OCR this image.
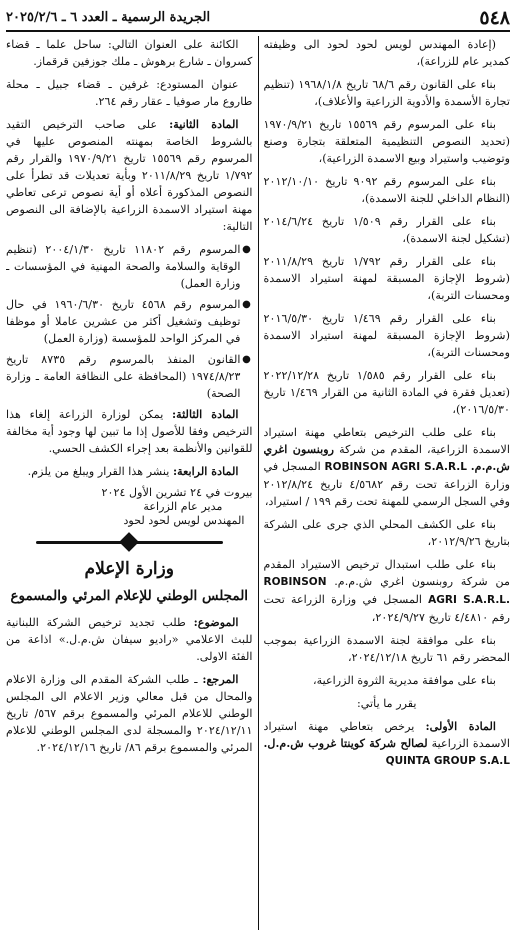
٥٤٨
الجريدة الرسمية ـ العدد ٦ ـ ٢٠٢٥/٢/٦

(إعادة المهندس لويس لحود لحود الى وظيفته كمدير عام للزراعة)،

بناء على القانون رقم ٦٨/٦ تاريخ ١٩٦٨/١/٨ (تنظيم تجارة الأسمدة والأدوية الزراعية والأعلاف)،

بناء على المرسوم رقم ١٥٥٦٩ تاريخ ١٩٧٠/٩/٢١ (تحديد النصوص التنظيمية المتعلقة بتجارة وصنع وتوضيب واستيراد وبيع الاسمدة الزراعية)،

بناء على المرسوم رقم ٩٠٩٢ تاريخ ٢٠١٢/١٠/١٠ (النظام الداخلي للجنة الاسمدة)،

بناء على القرار رقم ١/٥٠٩ تاريخ ٢٠١٤/٦/٢٤ (تشكيل لجنة الاسمدة)،

بناء على القرار رقم ١/٧٩٢ تاريخ ٢٠١١/٨/٢٩ (شروط الإجازة المسبقة لمهنة استيراد الاسمدة ومحسنات التربة)،

بناء على القرار رقم ١/٤٦٩ تاريخ ٢٠١٦/٥/٣٠ (شروط الإجازة المسبقة لمهنة استيراد الاسمدة ومحسنات التربة)،

بناء على القرار رقم ١/٥٨٥ تاريخ ٢٠٢٢/١٢/٢٨ (تعديل فقرة في المادة الثانية من القرار ١/٤٦٩ تاريخ ٢٠١٦/٥/٣٠)،

بناء على طلب الترخيص بتعاطي مهنة استيراد الاسمدة الزراعية، المقدم من شركة روبنسون اغري ش.م.م. ROBINSON AGRI S.A.R.L المسجل في وزارة الزراعة تحت رقم ٤/٥٦٨٢ تاريخ ٢٠١٢/٨/٢٤ وفي السجل الرسمي للمهنة تحت رقم ١٩٩ / استيراد،

بناء على الكشف المحلي الذي جرى على الشركة بتاريخ ٢٠١٢/٩/٢٦،

بناء على طلب استبدال ترخيص الاستيراد المقدم من شركة روبنسون اغري ش.م.م. ROBINSON AGRI S.A.R.L. المسجل في وزارة الزراعة تحت رقم ٤/٤٨١٠ تاريخ ٢٠٢٤/٩/٢٧،

بناء على موافقة لجنة الاسمدة الزراعية بموجب المحضر رقم ٦١ تاريخ ٢٠٢٤/١٢/١٨،

بناء على موافقة مديرية الثروة الزراعية،

يقرر ما يأتي:

المادة الأولى: يرخص بتعاطي مهنة استيراد الاسمدة الزراعية لصالح شركة كوينتا غروب ش.م.ل. QUINTA GROUP S.A.L

الكائنة على العنوان التالي: ساحل علما ـ قضاء كسروان ـ شارع برهوش ـ ملك جوزفين قرقماز.

عنوان المستودع: غرفين ـ قضاء جبيل ـ محلة طاروع مار صوفيا ـ عقار رقم ٢٦٤.

المادة الثانية: على صاحب الترخيص التقيد بالشروط الخاصة بمهنته المنصوص عليها في المرسوم رقم ١٥٥٦٩ تاريخ ١٩٧٠/٩/٢١ والقرار رقم ١/٧٩٢ تاريخ ٢٠١١/٨/٢٩ وبأية تعديلات قد تطرأ على النصوص المذكورة أعلاه أو أية نصوص ترعى تعاطي مهنة استيراد الاسمدة الزراعية بالإضافة الى النصوص التالية:

●

المرسوم رقم ١١٨٠٢ تاريخ ٢٠٠٤/١/٣٠ (تنظيم الوقاية والسلامة والصحة المهنية في المؤسسات ـ وزارة العمل)

●

المرسوم رقم ٤٥٦٨ تاريخ ١٩٦٠/٦/٣٠ في حال توظيف وتشغيل أكثر من عشرين عاملا أو موظفا في المركز الواحد للمؤسسة (وزارة العمل)

●

القانون المنفذ بالمرسوم رقم ٨٧٣٥ تاريخ ١٩٧٤/٨/٢٣ (المحافظة على النظافة العامة ـ وزارة الصحة)

المادة الثالثة: يمكن لوزارة الزراعة إلغاء هذا الترخيص وفقا للأصول إذا ما تبين لها وجود أية مخالفة للقوانين والأنظمة بعد إجراء الكشف الحسي.

المادة الرابعة: ينشر هذا القرار ويبلغ من يلزم.

بيروت في ٢٤ تشرين الأول ٢٠٢٤

مدير عام الزراعة

المهندس لويس لحود لحود

وزارة الإعلام
المجلس الوطني للإعلام المرئي والمسموع

الموضوع: طلب تجديد ترخيص الشركة اللبنانية للبث الاعلامي «راديو سيفان ش.م.ل.» اذاعة من الفئة الاولى.

المرجع: ـ طلب الشركة المقدم الى وزارة الاعلام والمحال من قبل معالي وزير الاعلام الى المجلس الوطني للاعلام المرئي والمسموع برقم ٥٦٧/ تاريخ ٢٠٢٤/١٢/١١ والمسجلة لدى المجلس الوطني للاعلام المرئي والمسموع برقم ٨٦/ تاريخ ٢٠٢٤/١٢/١٦.
